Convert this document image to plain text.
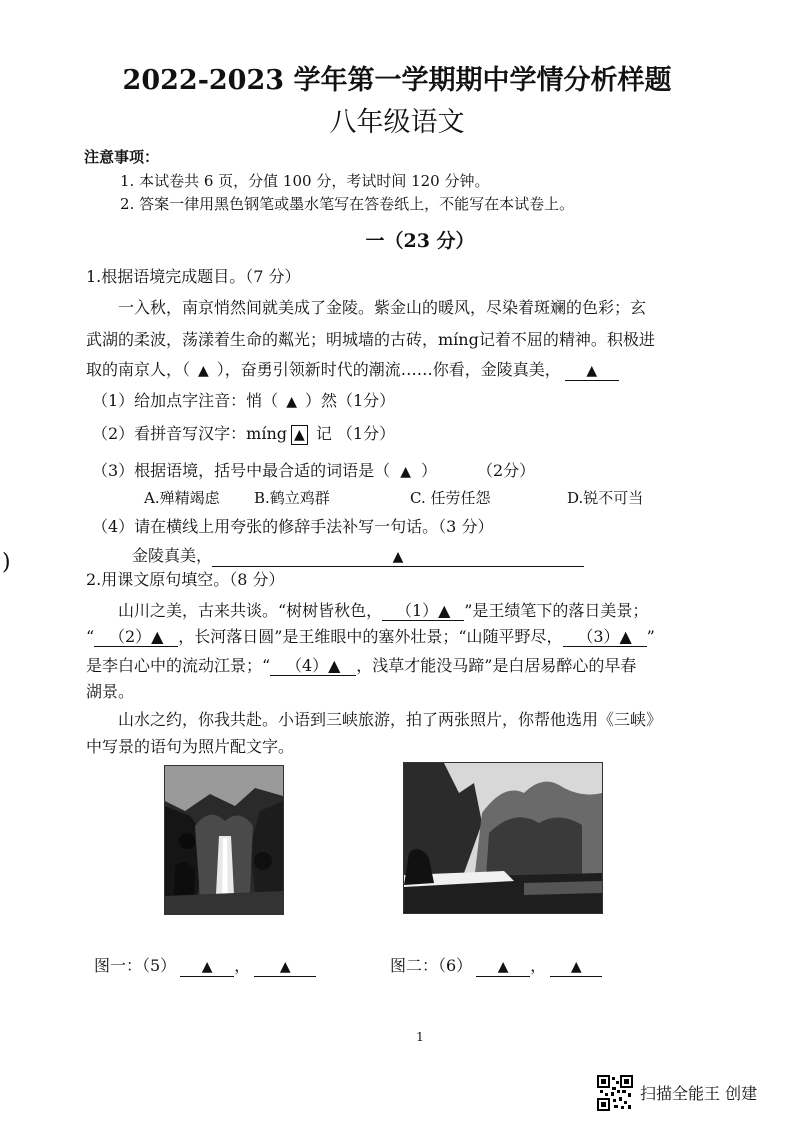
2022-2023 学年第一学期期中学情分析样题
八年级语文
注意事项：
1. 本试卷共 6 页，分值 100 分，考试时间 120 分钟。
2. 答案一律用黑色钢笔或墨水笔写在答卷纸上，不能写在本试卷上。
一（23 分）
1.根据语境完成题目。（7 分）
一入秋，南京悄然间就美成了金陵。紫金山的暖风，尽染着斑斓的色彩；玄
武湖的柔波，荡漾着生命的粼光；明城墙的古砖，míng记着不屈的精神。积极进
取的南京人，（ ▲ ），奋勇引领新时代的潮流……你看，金陵真美， ▲
（1）给加点字注音：悄（ ▲ ）然（1分）
（2）看拼音写汉字：míng ▲ 记 （1分）
（3）根据语境，括号中最合适的词语是（ ▲ ）	（2分）
A.殚精竭虑 B.鹤立鸡群	C. 任劳任怨	D.锐不可当
（4）请在横线上用夸张的修辞手法补写一句话。（3 分）
金陵真美，	▲
2.用课文原句填空。（8 分）
山川之美，古来共谈。“树树皆秋色， （1）▲ ”是王绩笔下的落日美景；
“ （2）▲ ，长河落日圆”是王维眼中的塞外壮景；“山随平野尽， （3）▲ ”
是李白心中的流动江景；“ （4）▲ ，浅草才能没马蹄”是白居易醉心的早春
湖景。
山水之约，你我共赴。小语到三峡旅游，拍了两张照片，你帮他选用《三峡》
中写景的语句为照片配文字。
图一：（5） ▲ ， ▲	图二：（6） ▲ ， ▲
1
扫描全能王 创建
)
